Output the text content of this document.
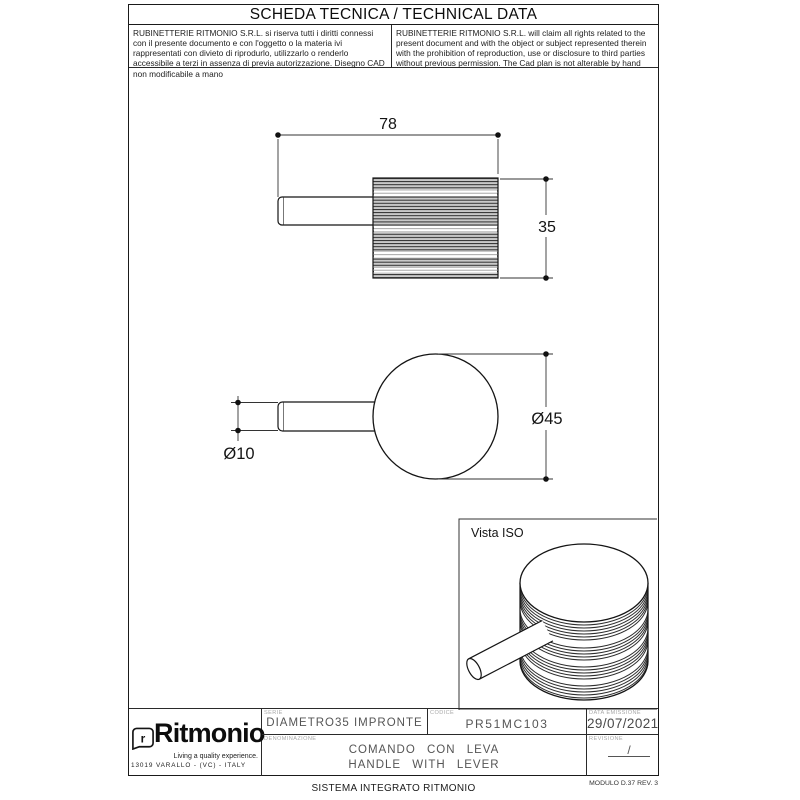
SCHEDA TECNICA / TECHNICAL DATA
RUBINETTERIE RITMONIO S.R.L. si riserva tutti i diritti connessi con il presente documento e con l'oggetto o la materia ivi rappresentati con divieto di riprodurlo, utilizzarlo o renderlo accessibile a terzi in assenza di previa autorizzazione. Disegno CAD non modificabile a mano
RUBINETTERIE RITMONIO S.R.L. will claim all rights related to the present document and with the object or subject represented therein with the prohibition of reproduction, use or disclosure to third parties without previous permission. The Cad plan is not alterable by hand
78
35
Ø10
Ø45
Vista ISO
r Ritmonio
Living a quality experience.
13019 VARALLO - (VC) - ITALY
SERIE
DIAMETRO35 IMPRONTE
CODICE
PR51MC103
DATA EMISSIONE
29/07/2021
DENOMINAZIONE
COMANDO CON LEVA
HANDLE WITH LEVER
REVISIONE
/
SISTEMA INTEGRATO RITMONIO	MODULO D.37 REV. 3
